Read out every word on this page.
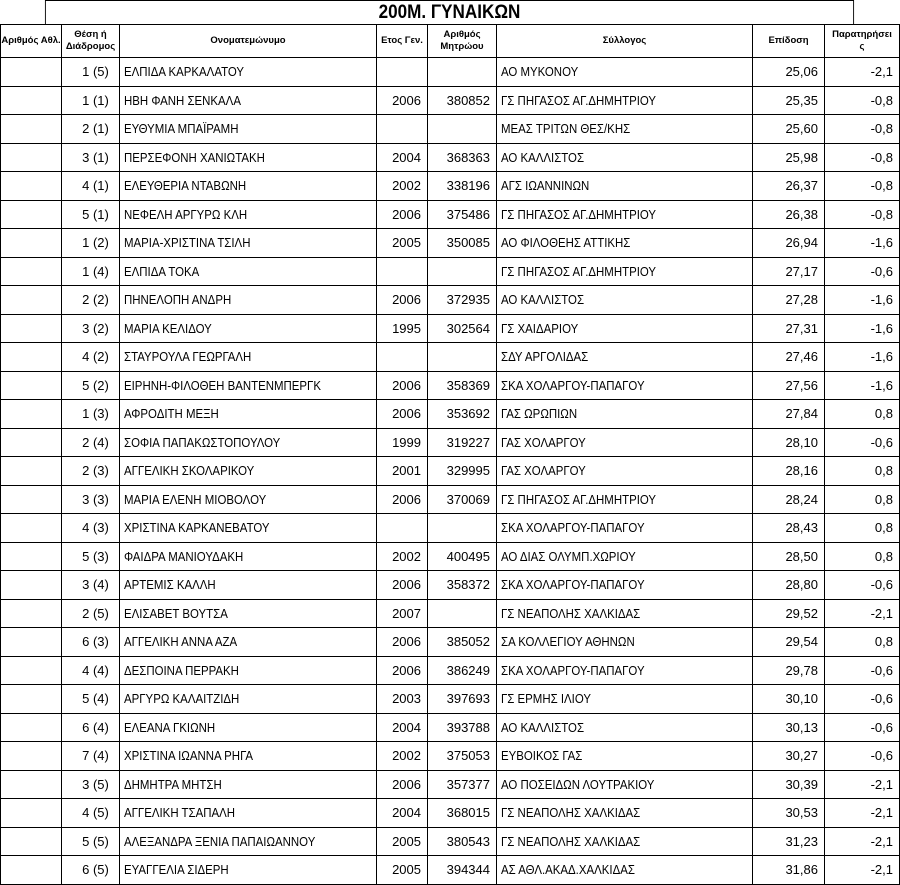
200Μ. ΓΥΝΑΙΚΩΝ
Αριθμός Αθλ.	Θέση ή
Διάδρομος	Ονοματεμώνυμο	Ετος Γεν.	Αριθμός
Μητρώου	Σύλλογος	Επίδοση	Παρατηρήσει
ς
	1 (5)	ΕΛΠΙΔΑ ΚΑΡΚΑΛΑΤΟΥ			ΑΟ ΜΥΚΟΝΟΥ	25,06	-2,1
	1 (1)	ΗΒΗ ΦΑΝΗ ΣΕΝΚΑΛΑ	2006	380852	ΓΣ ΠΗΓΑΣΟΣ ΑΓ.ΔΗΜΗΤΡΙΟΥ	25,35	-0,8
	2 (1)	ΕΥΘΥΜΙΑ ΜΠΑΪΡΑΜΗ			ΜΕΑΣ ΤΡΙΤΩΝ ΘΕΣ/ΚΗΣ	25,60	-0,8
	3 (1)	ΠΕΡΣΕΦΟΝΗ ΧΑΝΙΩΤΑΚΗ	2004	368363	ΑΟ ΚΑΛΛΙΣΤΟΣ	25,98	-0,8
	4 (1)	ΕΛΕΥΘΕΡΙΑ ΝΤΑΒΩΝΗ	2002	338196	ΑΓΣ ΙΩΑΝΝΙΝΩΝ	26,37	-0,8
	5 (1)	ΝΕΦΕΛΗ ΑΡΓΥΡΩ ΚΛΗ	2006	375486	ΓΣ ΠΗΓΑΣΟΣ ΑΓ.ΔΗΜΗΤΡΙΟΥ	26,38	-0,8
	1 (2)	ΜΑΡΙΑ-ΧΡΙΣΤΙΝΑ ΤΣΙΛΗ	2005	350085	ΑΟ ΦΙΛΟΘΕΗΣ ΑΤΤΙΚΗΣ	26,94	-1,6
	1 (4)	ΕΛΠΙΔΑ ΤΟΚΑ			ΓΣ ΠΗΓΑΣΟΣ ΑΓ.ΔΗΜΗΤΡΙΟΥ	27,17	-0,6
	2 (2)	ΠΗΝΕΛΟΠΗ ΑΝΔΡΗ	2006	372935	ΑΟ ΚΑΛΛΙΣΤΟΣ	27,28	-1,6
	3 (2)	ΜΑΡΙΑ ΚΕΛΙΔΟΥ	1995	302564	ΓΣ ΧΑΙΔΑΡΙΟΥ	27,31	-1,6
	4 (2)	ΣΤΑΥΡΟΥΛΑ ΓΕΩΡΓΑΛΗ			ΣΔΥ ΑΡΓΟΛΙΔΑΣ	27,46	-1,6
	5 (2)	ΕΙΡΗΝΗ-ΦΙΛΟΘΕΗ ΒΑΝΤΕΝΜΠΕΡΓΚ	2006	358369	ΣΚΑ ΧΟΛΑΡΓΟΥ-ΠΑΠΑΓΟΥ	27,56	-1,6
	1 (3)	ΑΦΡΟΔΙΤΗ ΜΕΞΗ	2006	353692	ΓΑΣ ΩΡΩΠΙΩΝ	27,84	0,8
	2 (4)	ΣΟΦΙΑ ΠΑΠΑΚΩΣΤΟΠΟΥΛΟΥ	1999	319227	ΓΑΣ ΧΟΛΑΡΓΟΥ	28,10	-0,6
	2 (3)	ΑΓΓΕΛΙΚΗ ΣΚΟΛΑΡΙΚΟΥ	2001	329995	ΓΑΣ ΧΟΛΑΡΓΟΥ	28,16	0,8
	3 (3)	ΜΑΡΙΑ ΕΛΕΝΗ ΜΙΟΒΟΛΟΥ	2006	370069	ΓΣ ΠΗΓΑΣΟΣ ΑΓ.ΔΗΜΗΤΡΙΟΥ	28,24	0,8
	4 (3)	ΧΡΙΣΤΙΝΑ ΚΑΡΚΑΝΕΒΑΤΟΥ			ΣΚΑ ΧΟΛΑΡΓΟΥ-ΠΑΠΑΓΟΥ	28,43	0,8
	5 (3)	ΦΑΙΔΡΑ ΜΑΝΙΟΥΔΑΚΗ	2002	400495	ΑΟ ΔΙΑΣ ΟΛΥΜΠ.ΧΩΡΙΟΥ	28,50	0,8
	3 (4)	ΑΡΤΕΜΙΣ ΚΑΛΛΗ	2006	358372	ΣΚΑ ΧΟΛΑΡΓΟΥ-ΠΑΠΑΓΟΥ	28,80	-0,6
	2 (5)	ΕΛΙΣΑΒΕΤ ΒΟΥΤΣΑ	2007		ΓΣ ΝΕΑΠΟΛΗΣ ΧΑΛΚΙΔΑΣ	29,52	-2,1
	6 (3)	ΑΓΓΕΛΙΚΗ ΑΝΝΑ ΑΖΑ	2006	385052	ΣΑ ΚΟΛΛΕΓΙΟΥ ΑΘΗΝΩΝ	29,54	0,8
	4 (4)	ΔΕΣΠΟΙΝΑ ΠΕΡΡΑΚΗ	2006	386249	ΣΚΑ ΧΟΛΑΡΓΟΥ-ΠΑΠΑΓΟΥ	29,78	-0,6
	5 (4)	ΑΡΓΥΡΩ ΚΑΛΑΙΤΖΙΔΗ	2003	397693	ΓΣ ΕΡΜΗΣ ΙΛΙΟΥ	30,10	-0,6
	6 (4)	ΕΛΕΑΝΑ ΓΚΙΩΝΗ	2004	393788	ΑΟ ΚΑΛΛΙΣΤΟΣ	30,13	-0,6
	7 (4)	ΧΡΙΣΤΙΝΑ ΙΩΑΝΝΑ ΡΗΓΑ	2002	375053	ΕΥΒΟΙΚΟΣ ΓΑΣ	30,27	-0,6
	3 (5)	ΔΗΜΗΤΡΑ ΜΗΤΣΗ	2006	357377	ΑΟ ΠΟΣΕΙΔΩΝ ΛΟΥΤΡΑΚΙΟΥ	30,39	-2,1
	4 (5)	ΑΓΓΕΛΙΚΗ ΤΣΑΠΑΛΗ	2004	368015	ΓΣ ΝΕΑΠΟΛΗΣ ΧΑΛΚΙΔΑΣ	30,53	-2,1
	5 (5)	ΑΛΕΞΑΝΔΡΑ ΞΕΝΙΑ ΠΑΠΑΙΩΑΝΝΟΥ	2005	380543	ΓΣ ΝΕΑΠΟΛΗΣ ΧΑΛΚΙΔΑΣ	31,23	-2,1
	6 (5)	ΕΥΑΓΓΕΛΙΑ ΣΙΔΕΡΗ	2005	394344	ΑΣ ΑΘΛ.ΑΚΑΔ.ΧΑΛΚΙΔΑΣ	31,86	-2,1
